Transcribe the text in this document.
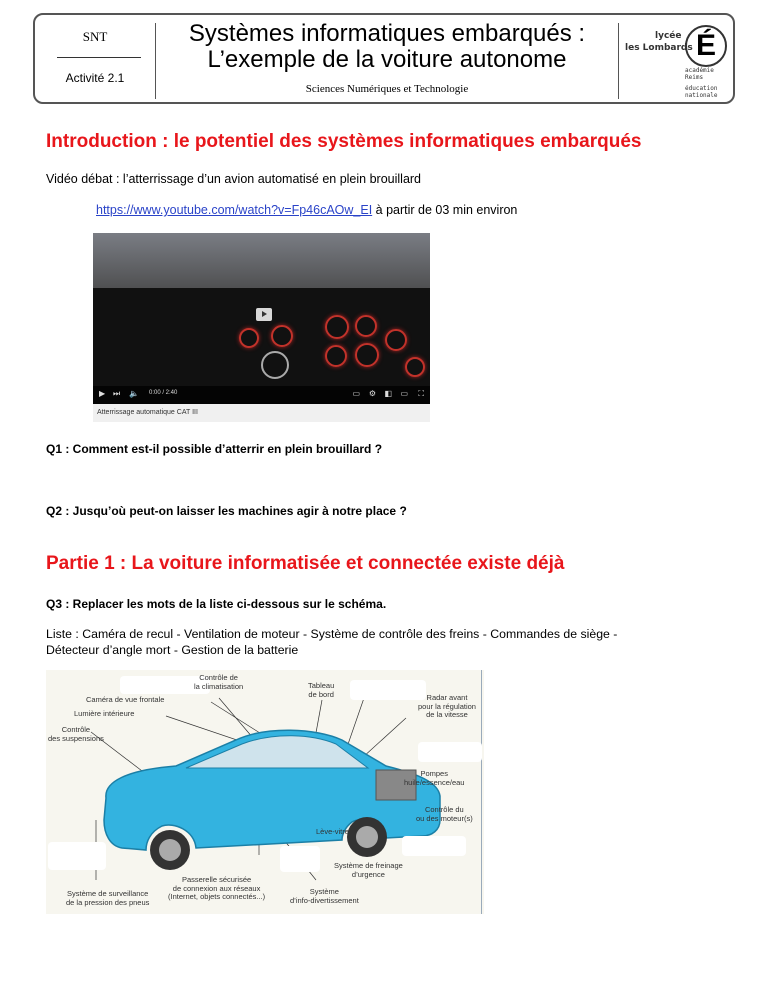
SNT
Activité 2.1
Systèmes informatiques embarqués :
L’exemple de la voiture autonome
Sciences Numériques et Technologie
lycée
les Lombards É
académie
Reims
éducation
nationale
Introduction : le potentiel des systèmes informatiques embarqués
Vidéo débat : l’atterrissage d’un avion automatisé en plein brouillard
https://www.youtube.com/watch?v=Fp46cAOw_EI à partir de 03 min environ
▶ ⏭ 🔈 0:00 / 2:40	▭ ⚙ ◧ ▭ ⛶
Atterrissage automatique CAT III
Q1 : Comment est-il possible d’atterrir en plein brouillard ?
Q2 : Jusqu’où peut-on laisser les machines agir à notre place ?
Partie 1 : La voiture informatisée et connectée existe déjà
Q3 : Replacer les mots de la liste ci-dessous sur le schéma.
Liste : Caméra de recul - Ventilation de moteur - Système de contrôle des freins - Commandes de siège -
Détecteur d’angle mort - Gestion de la batterie
Contrôle de
la climatisation	Tableau
de bord
Caméra de vue frontale
Lumière intérieure
Contrôle
des suspensions
Radar avant
pour la régulation
de la vitesse
Pompes
huile/essence/eau
Contrôle du
ou des moteur(s)
Lève-vitre
Système de freinage
d’urgence
Passerelle sécurisée
de connexion aux réseaux
(Internet, objets connectés...)
Système de surveillance
de la pression des pneus
Système
d’info-divertissement
